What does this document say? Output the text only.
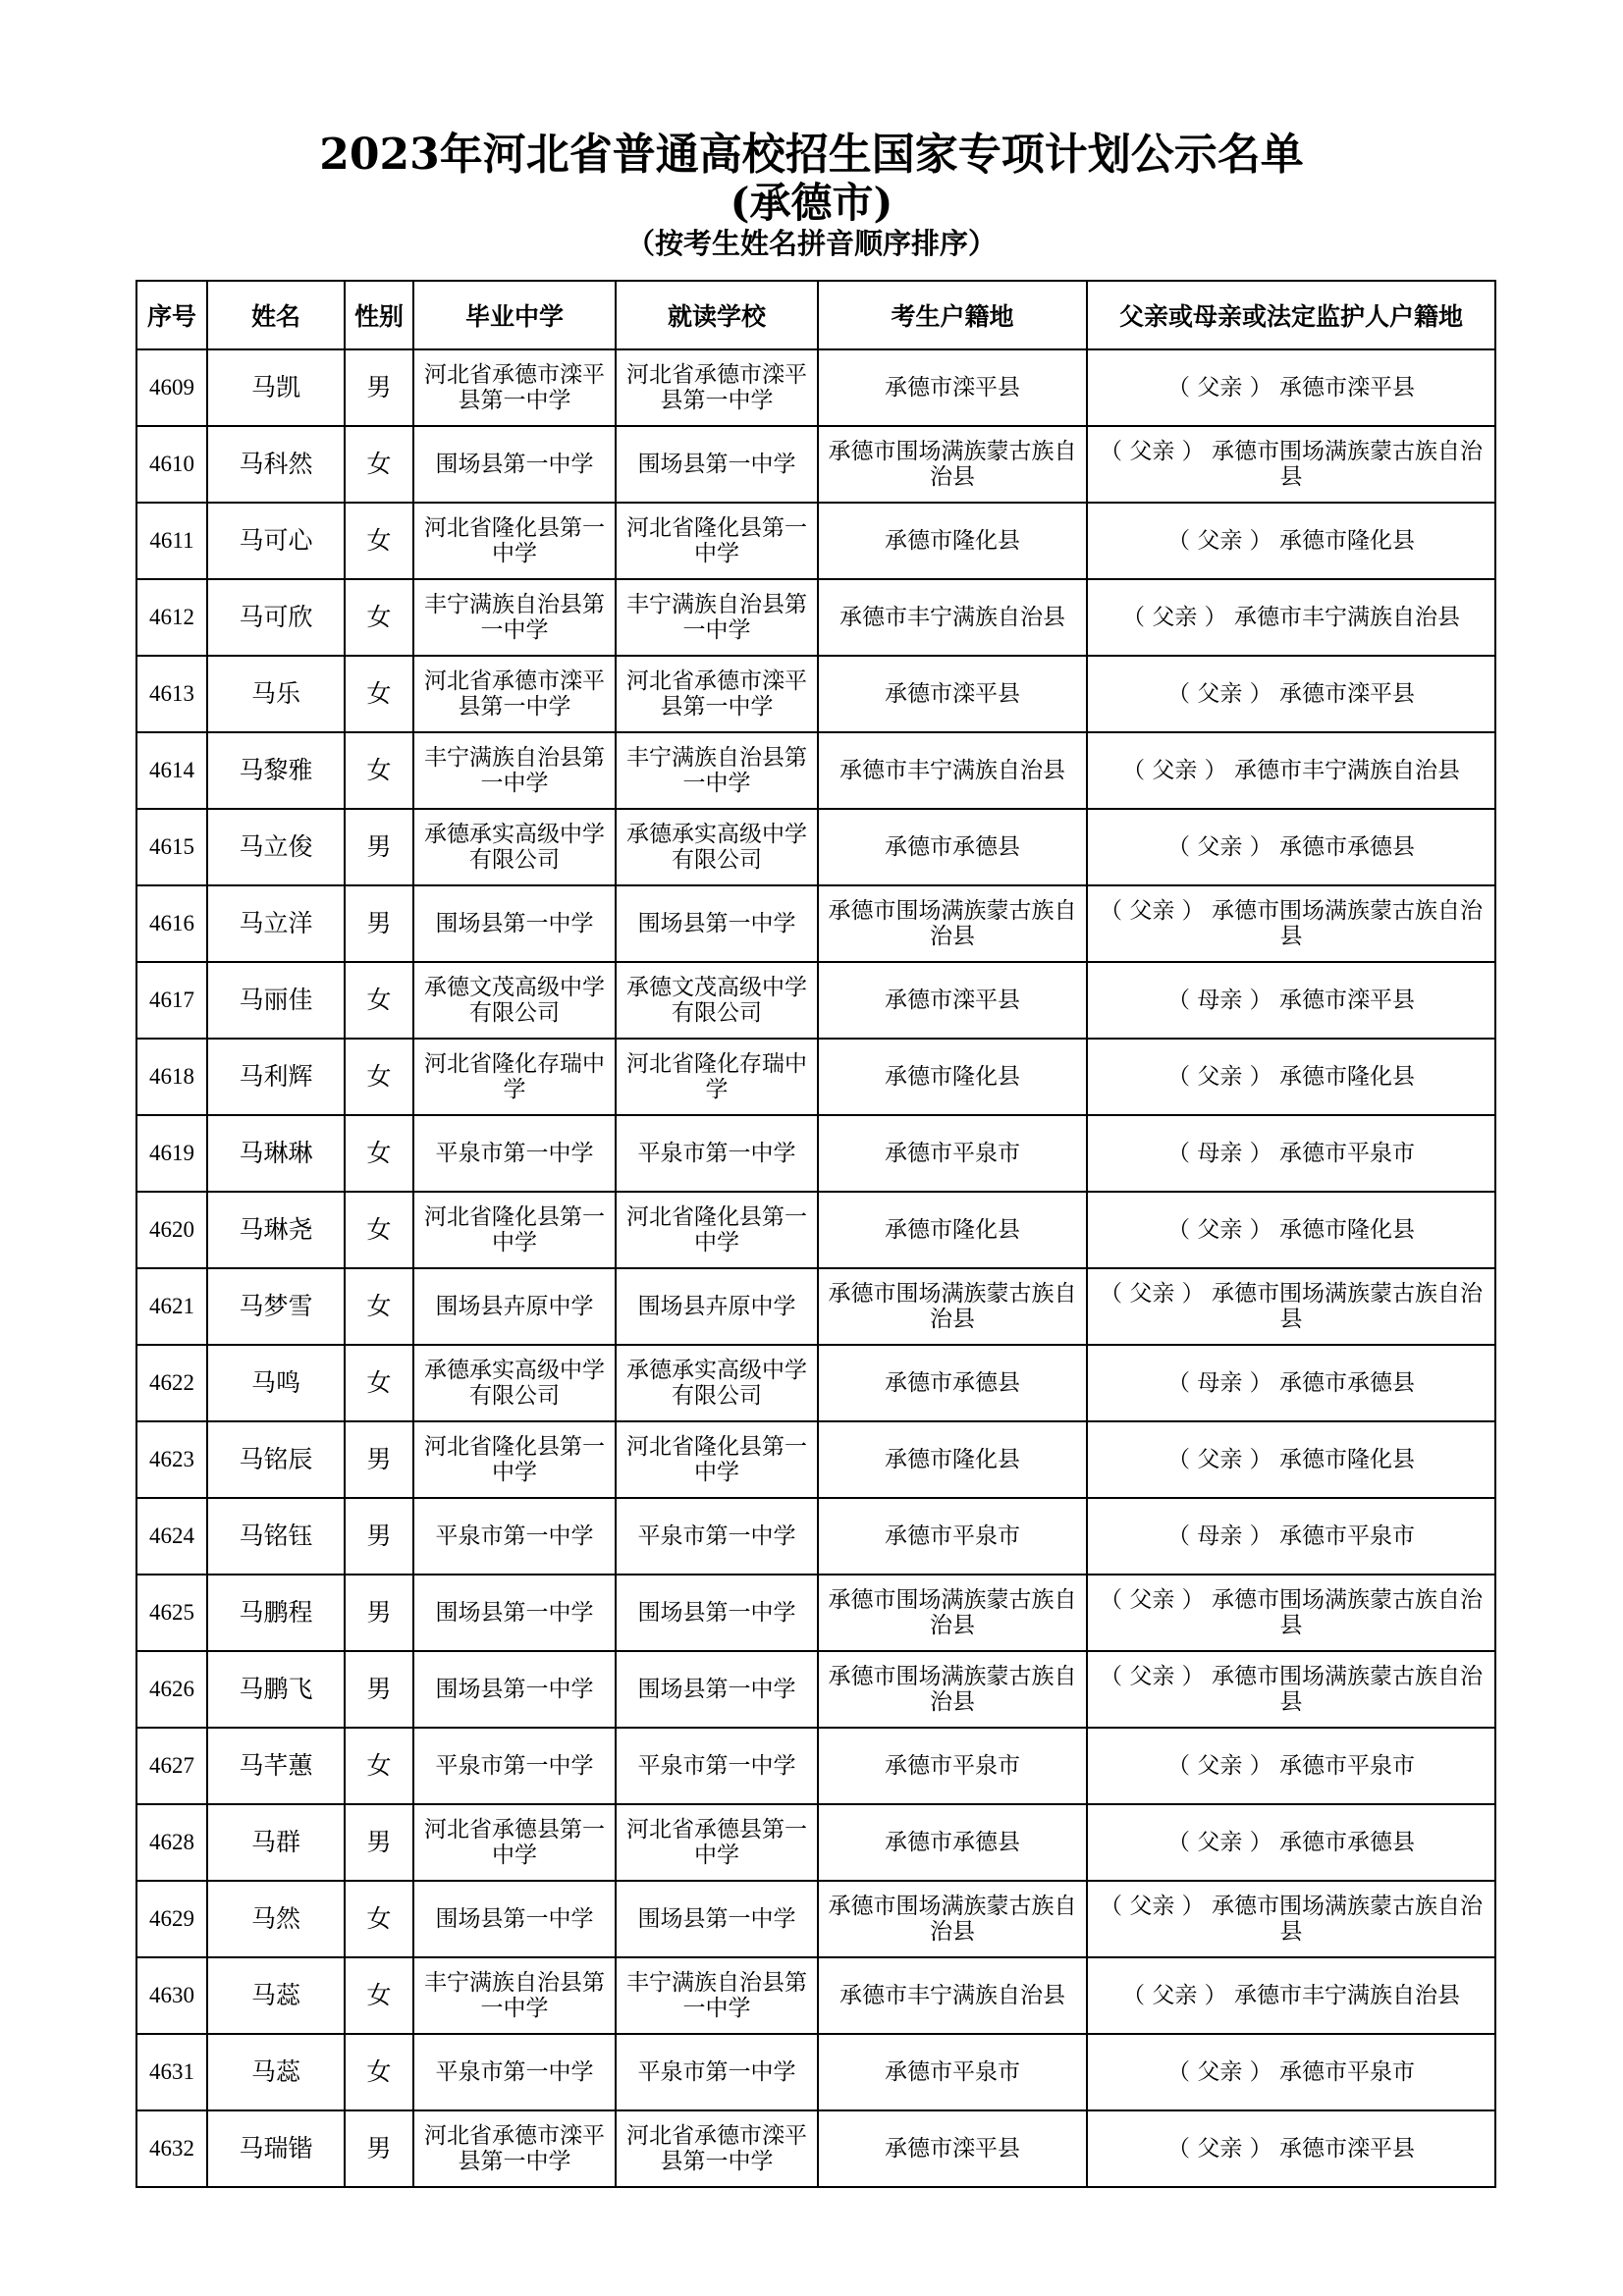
2023年河北省普通高校招生国家专项计划公示名单
(承德市)
（按考生姓名拼音顺序排序）
序号	姓名	性别	毕业中学	就读学校	考生户籍地	父亲或母亲或法定监护人户籍地
4609	马凯	男	河北省承德市滦平县第一中学	河北省承德市滦平县第一中学	承德市滦平县	（ 父亲 ） 承德市滦平县
4610	马科然	女	围场县第一中学	围场县第一中学	承德市围场满族蒙古族自治县	（ 父亲 ） 承德市围场满族蒙古族自治县
4611	马可心	女	河北省隆化县第一中学	河北省隆化县第一中学	承德市隆化县	（ 父亲 ） 承德市隆化县
4612	马可欣	女	丰宁满族自治县第一中学	丰宁满族自治县第一中学	承德市丰宁满族自治县	（ 父亲 ） 承德市丰宁满族自治县
4613	马乐	女	河北省承德市滦平县第一中学	河北省承德市滦平县第一中学	承德市滦平县	（ 父亲 ） 承德市滦平县
4614	马黎雅	女	丰宁满族自治县第一中学	丰宁满族自治县第一中学	承德市丰宁满族自治县	（ 父亲 ） 承德市丰宁满族自治县
4615	马立俊	男	承德承实高级中学有限公司	承德承实高级中学有限公司	承德市承德县	（ 父亲 ） 承德市承德县
4616	马立洋	男	围场县第一中学	围场县第一中学	承德市围场满族蒙古族自治县	（ 父亲 ） 承德市围场满族蒙古族自治县
4617	马丽佳	女	承德文茂高级中学有限公司	承德文茂高级中学有限公司	承德市滦平县	（ 母亲 ） 承德市滦平县
4618	马利辉	女	河北省隆化存瑞中学	河北省隆化存瑞中学	承德市隆化县	（ 父亲 ） 承德市隆化县
4619	马琳琳	女	平泉市第一中学	平泉市第一中学	承德市平泉市	（ 母亲 ） 承德市平泉市
4620	马琳尧	女	河北省隆化县第一中学	河北省隆化县第一中学	承德市隆化县	（ 父亲 ） 承德市隆化县
4621	马梦雪	女	围场县卉原中学	围场县卉原中学	承德市围场满族蒙古族自治县	（ 父亲 ） 承德市围场满族蒙古族自治县
4622	马鸣	女	承德承实高级中学有限公司	承德承实高级中学有限公司	承德市承德县	（ 母亲 ） 承德市承德县
4623	马铭辰	男	河北省隆化县第一中学	河北省隆化县第一中学	承德市隆化县	（ 父亲 ） 承德市隆化县
4624	马铭钰	男	平泉市第一中学	平泉市第一中学	承德市平泉市	（ 母亲 ） 承德市平泉市
4625	马鹏程	男	围场县第一中学	围场县第一中学	承德市围场满族蒙古族自治县	（ 父亲 ） 承德市围场满族蒙古族自治县
4626	马鹏飞	男	围场县第一中学	围场县第一中学	承德市围场满族蒙古族自治县	（ 父亲 ） 承德市围场满族蒙古族自治县
4627	马芊蕙	女	平泉市第一中学	平泉市第一中学	承德市平泉市	（ 父亲 ） 承德市平泉市
4628	马群	男	河北省承德县第一中学	河北省承德县第一中学	承德市承德县	（ 父亲 ） 承德市承德县
4629	马然	女	围场县第一中学	围场县第一中学	承德市围场满族蒙古族自治县	（ 父亲 ） 承德市围场满族蒙古族自治县
4630	马蕊	女	丰宁满族自治县第一中学	丰宁满族自治县第一中学	承德市丰宁满族自治县	（ 父亲 ） 承德市丰宁满族自治县
4631	马蕊	女	平泉市第一中学	平泉市第一中学	承德市平泉市	（ 父亲 ） 承德市平泉市
4632	马瑞锴	男	河北省承德市滦平县第一中学	河北省承德市滦平县第一中学	承德市滦平县	（ 父亲 ） 承德市滦平县
